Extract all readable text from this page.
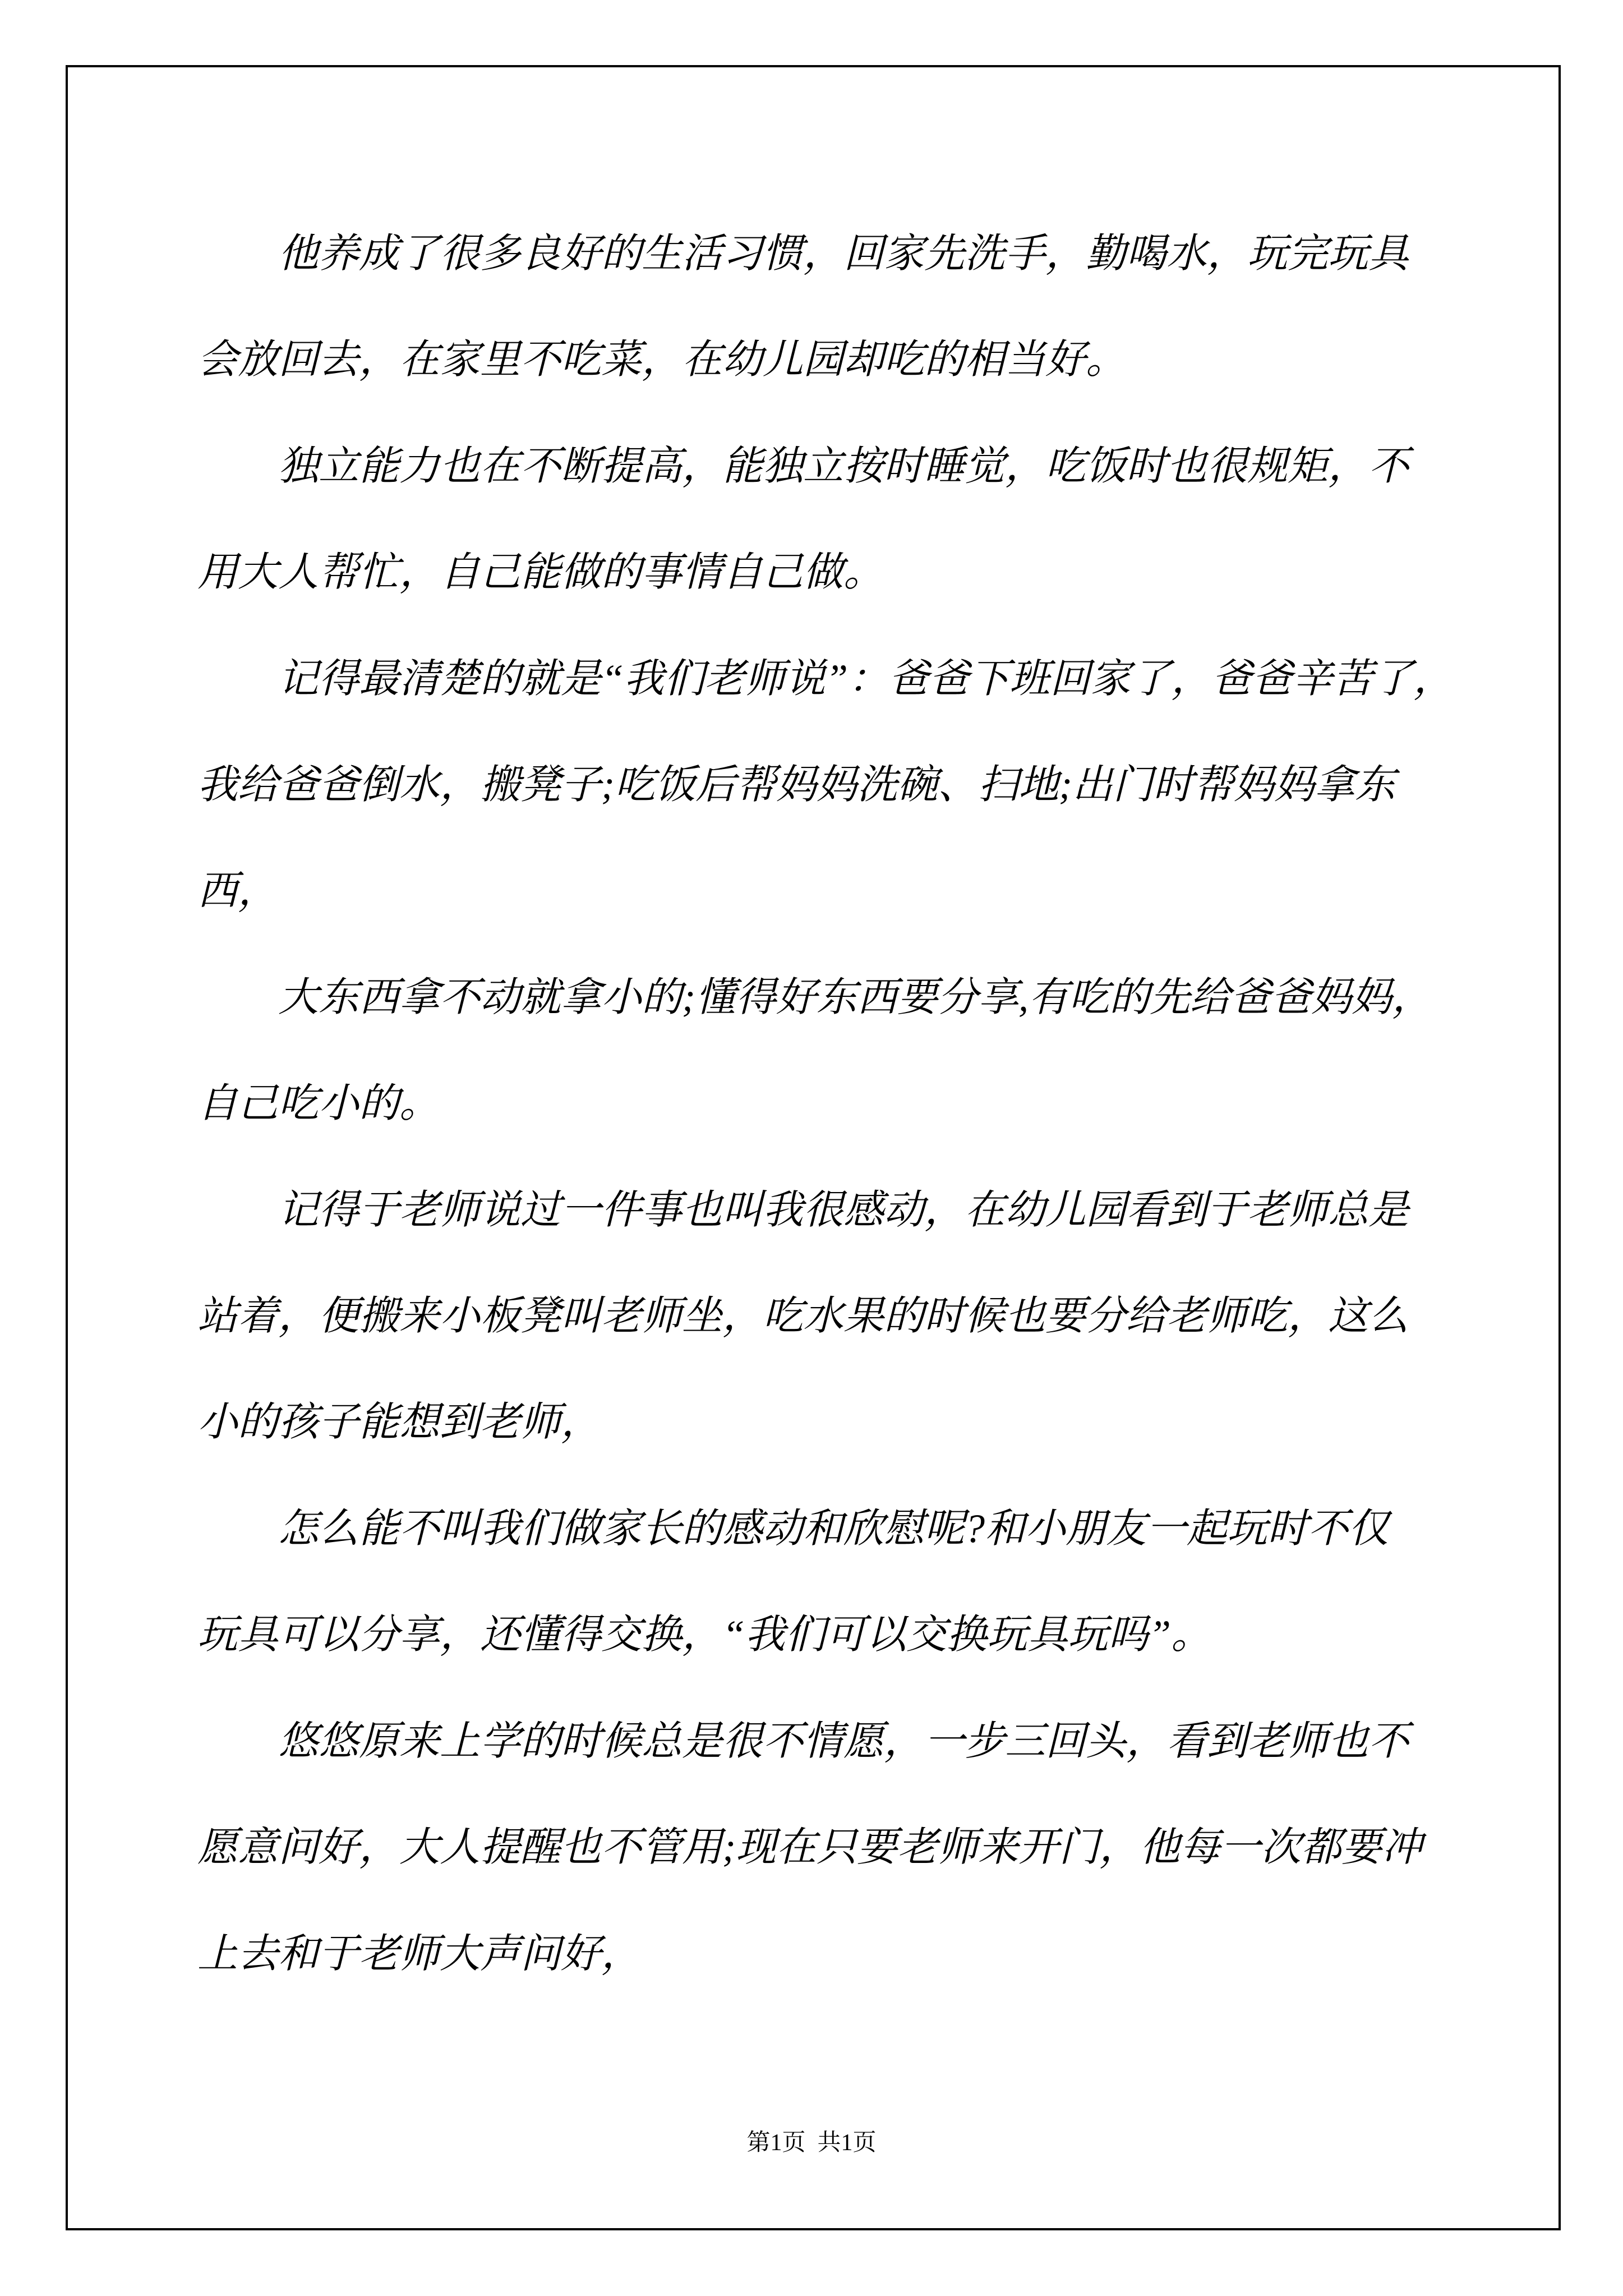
他养成了很多良好的生活习惯，回家先洗手，勤喝水，玩完玩具
会放回去，在家里不吃菜，在幼儿园却吃的相当好。
独立能力也在不断提高，能独立按时睡觉，吃饭时也很规矩，不
用大人帮忙，自己能做的事情自己做。
记得最清楚的就是“我们老师说”：爸爸下班回家了，爸爸辛苦了，
我给爸爸倒水，搬凳子;吃饭后帮妈妈洗碗、扫地;出门时帮妈妈拿东
西，
大东西拿不动就拿小的;懂得好东西要分享,有吃的先给爸爸妈妈，
自己吃小的。
记得于老师说过一件事也叫我很感动，在幼儿园看到于老师总是
站着，便搬来小板凳叫老师坐，吃水果的时候也要分给老师吃，这么
小的孩子能想到老师，
怎么能不叫我们做家长的感动和欣慰呢?和小朋友一起玩时不仅
玩具可以分享，还懂得交换，“我们可以交换玩具玩吗”。
悠悠原来上学的时候总是很不情愿，一步三回头，看到老师也不
愿意问好，大人提醒也不管用;现在只要老师来开门，他每一次都要冲
上去和于老师大声问好，
第1页  共1页
